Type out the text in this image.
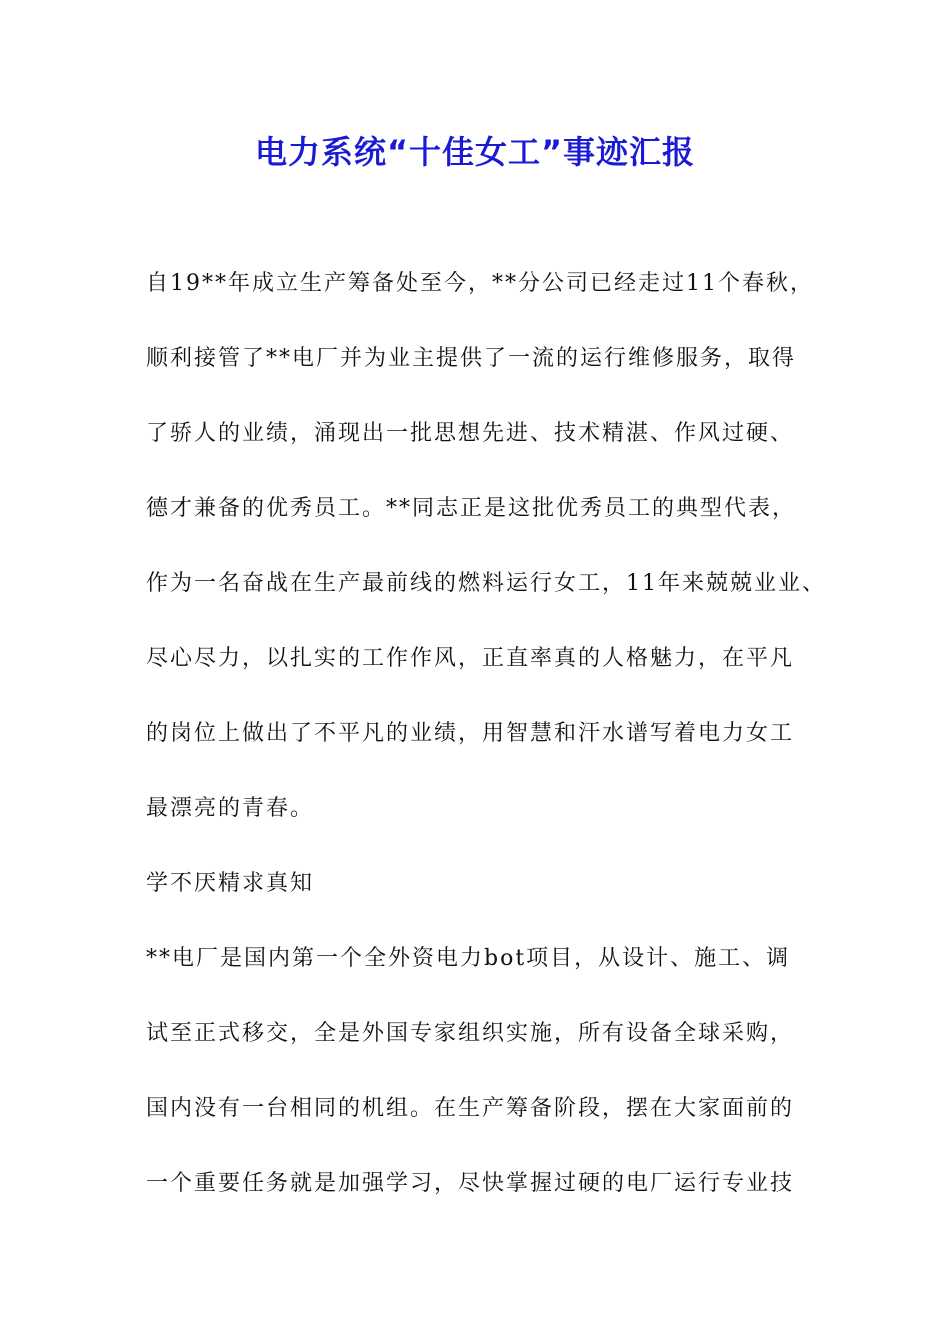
电力系统“十佳女工”事迹汇报

自19**年成立生产筹备处至今，**分公司已经走过11个春秋，

顺利接管了**电厂并为业主提供了一流的运行维修服务，取得

了骄人的业绩，涌现出一批思想先进、技术精湛、作风过硬、

德才兼备的优秀员工。**同志正是这批优秀员工的典型代表，

作为一名奋战在生产最前线的燃料运行女工，11年来兢兢业业、

尽心尽力，以扎实的工作作风，正直率真的人格魅力，在平凡

的岗位上做出了不平凡的业绩，用智慧和汗水谱写着电力女工

最漂亮的青春。

学不厌精求真知

**电厂是国内第一个全外资电力bot项目，从设计、施工、调

试至正式移交，全是外国专家组织实施，所有设备全球采购，

国内没有一台相同的机组。在生产筹备阶段，摆在大家面前的

一个重要任务就是加强学习，尽快掌握过硬的电厂运行专业技
